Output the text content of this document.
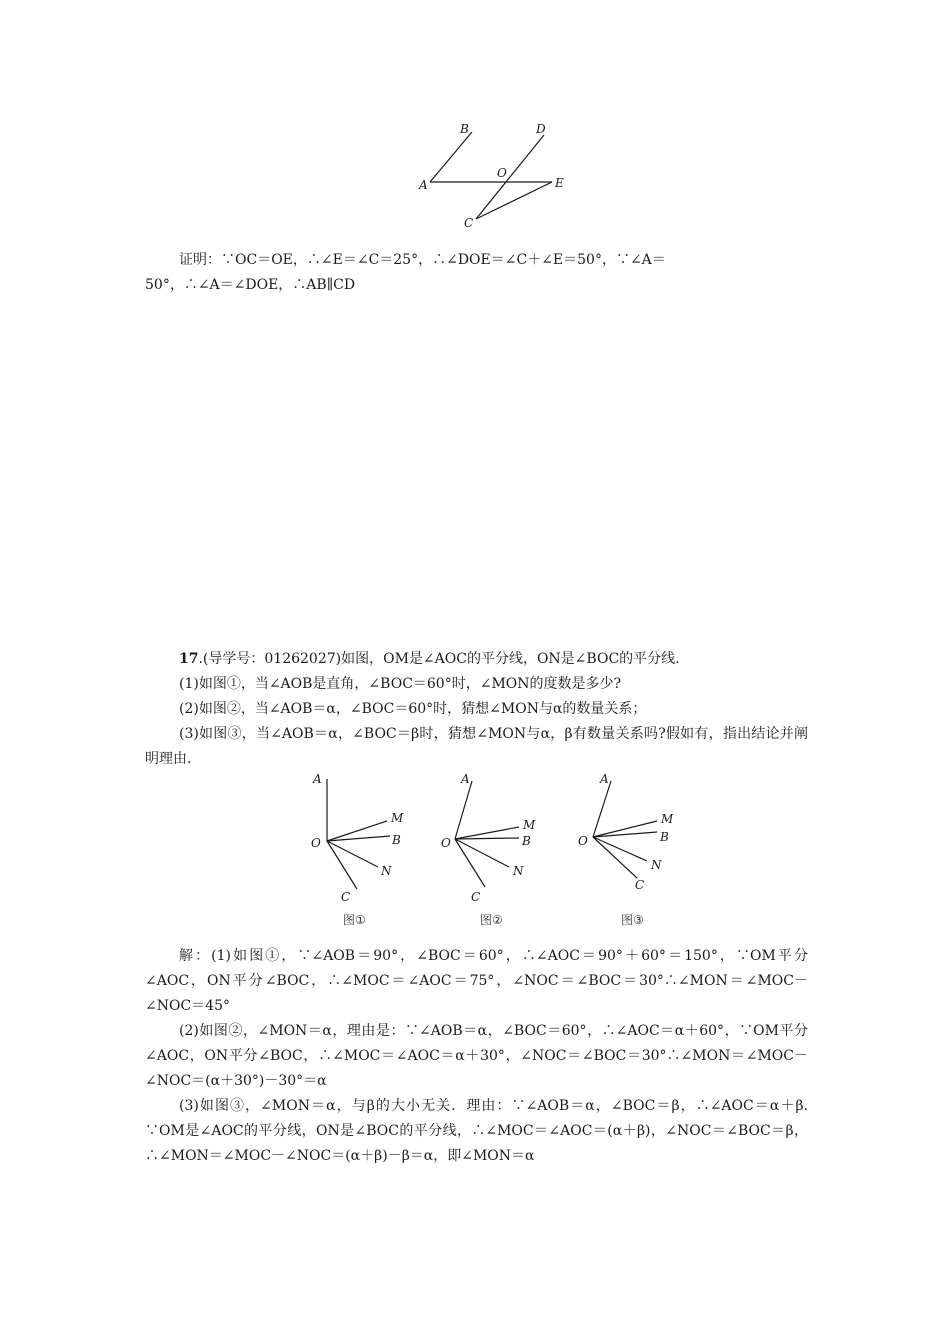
B	D
O
A	E
C

证明：∵OC＝OE，∴∠E＝∠C＝25°，∴∠DOE＝∠C＋∠E＝50°，∵∠A＝

50°，∴∠A＝∠DOE，∴AB∥CD

17.(导学号：01262027)如图，OM是∠AOC的平分线，ON是∠BOC的平分线.

(1)如图①，当∠AOB是直角，∠BOC＝60°时，∠MON的度数是多少?

(2)如图②，当∠AOB＝α，∠BOC＝60°时，猜想∠MON与α的数量关系；

(3)如图③，当∠AOB＝α，∠BOC＝β时，猜想∠MON与α，β有数量关系吗?假如有，指出结论并阐明理由.

A
M
B
O
N
C
图①
A
M
B
O
N
C
图②
A
M
B
O
N
C
图③

解：(1)如图①，∵∠AOB＝90°，∠BOC＝60°，∴∠AOC＝90°＋60°＝150°，∵OM平分∠AOC，ON平分∠BOC，∴∠MOC＝∠AOC＝75°，∠NOC＝∠BOC＝30°∴∠MON＝∠MOC－∠NOC＝45°

(2)如图②，∠MON＝α，理由是：∵∠AOB＝α，∠BOC＝60°，∴∠AOC＝α＋60°，∵OM平分∠AOC，ON平分∠BOC，∴∠MOC＝∠AOC＝α＋30°，∠NOC＝∠BOC＝30°∴∠MON＝∠MOC－∠NOC＝(α＋30°)－30°＝α

(3)如图③，∠MON＝α，与β的大小无关．理由：∵∠AOB＝α，∠BOC＝β，∴∠AOC＝α＋β.　　　　∵OM是∠AOC的平分线，ON是∠BOC的平分线，∴∠MOC＝∠AOC＝(α＋β)，∠NOC＝∠BOC＝β，∴∠MON＝∠MOC－∠NOC＝(α＋β)－β＝α，即∠MON＝α
